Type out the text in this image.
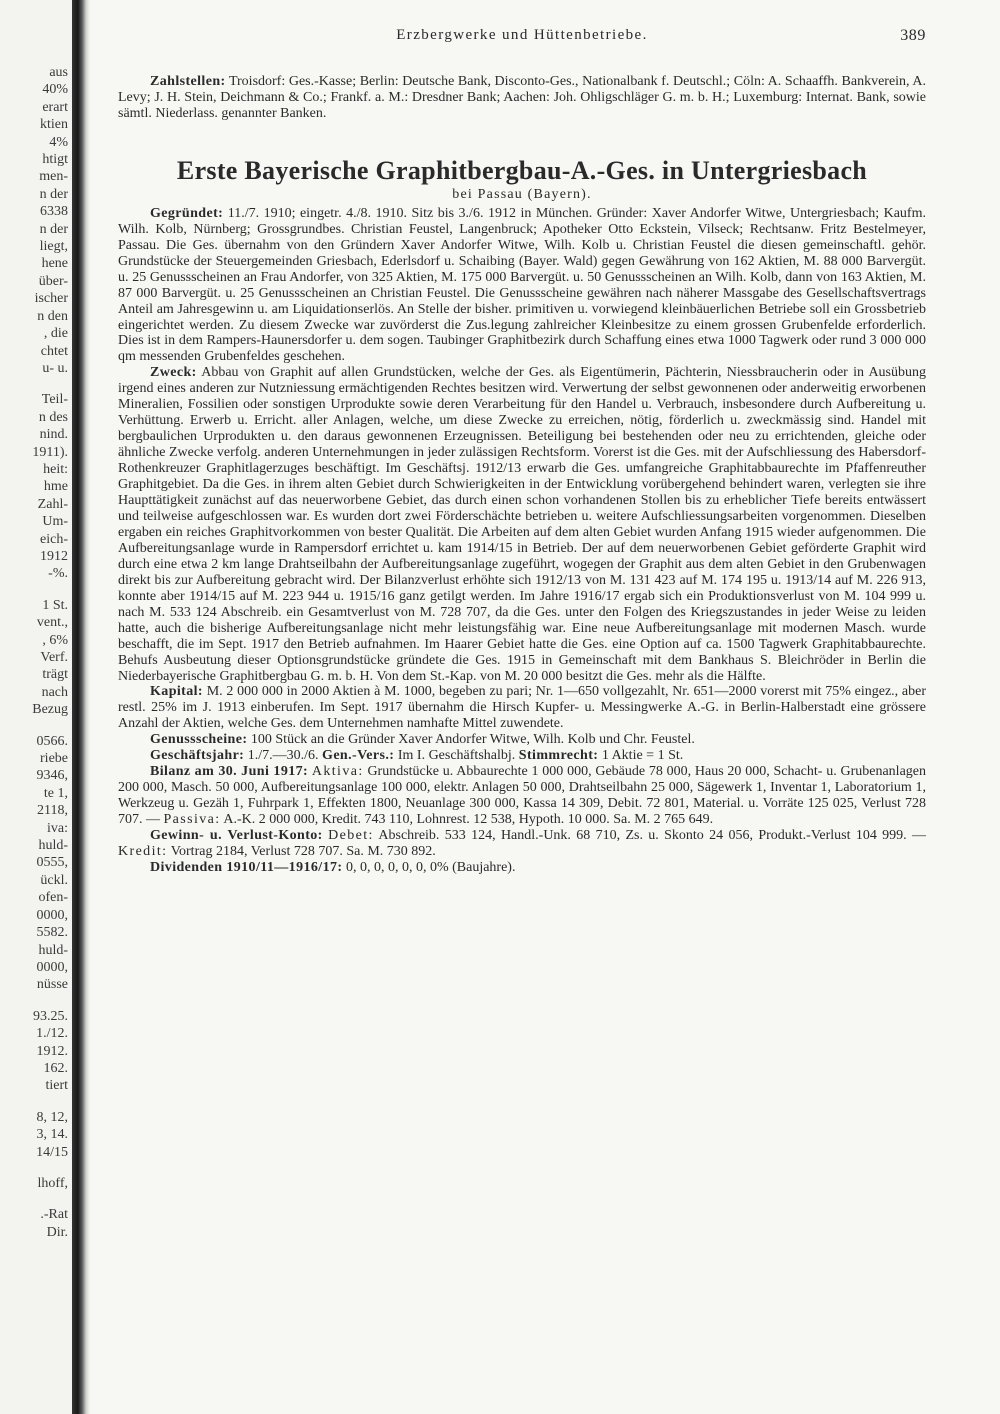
aus
40%
erart
ktien
4%
htigt
men-
n der
6338
n der
liegt,
hene
über-
ischer
n den
, die
chtet
u- u.
Teil-
n des
nind.
1911).
heit:
hme
Zahl-
Um-
eich-
1912
-%.
1 St.
vent.,
, 6%
Verf.
trägt
nach
Bezug
0566.
riebe
9346,
te 1,
2118,
iva:
huld-
0555,
ückl.
ofen-
0000,
5582.
huld-
0000,
nüsse
93.25.
1./12.
1912.
162.
tiert
8, 12,
3, 14.
14/15
lhoff,
.-Rat
Dir.
Erzbergwerke und Hüttenbetriebe.	389

Zahlstellen: Troisdorf: Ges.-Kasse; Berlin: Deutsche Bank, Disconto-Ges., Nationalbank f. Deutschl.; Cöln: A. Schaaffh. Bankverein, A. Levy; J. H. Stein, Deichmann & Co.; Frankf. a. M.: Dresdner Bank; Aachen: Joh. Ohligschläger G. m. b. H.; Luxemburg: Internat. Bank, sowie sämtl. Niederlass. genannter Banken.

Erste Bayerische Graphitbergbau-A.-Ges. in Untergriesbach
bei Passau (Bayern).

Gegründet: 11./7. 1910; eingetr. 4./8. 1910. Sitz bis 3./6. 1912 in München. Gründer: Xaver Andorfer Witwe, Untergriesbach; Kaufm. Wilh. Kolb, Nürnberg; Grossgrundbes. Christian Feustel, Langenbruck; Apotheker Otto Eckstein, Vilseck; Rechtsanw. Fritz Bestelmeyer, Passau. Die Ges. übernahm von den Gründern Xaver Andorfer Witwe, Wilh. Kolb u. Christian Feustel die diesen gemeinschaftl. gehör. Grundstücke der Steuergemeinden Griesbach, Ederlsdorf u. Schaibing (Bayer. Wald) gegen Gewährung von 162 Aktien, M. 88 000 Barvergüt. u. 25 Genussscheinen an Frau Andorfer, von 325 Aktien, M. 175 000 Barvergüt. u. 50 Genussscheinen an Wilh. Kolb, dann von 163 Aktien, M. 87 000 Barvergüt. u. 25 Genussscheinen an Christian Feustel. Die Genussscheine gewähren nach näherer Massgabe des Gesellschaftsvertrags Anteil am Jahresgewinn u. am Liquidationserlös. An Stelle der bisher. primitiven u. vorwiegend kleinbäuerlichen Betriebe soll ein Grossbetrieb eingerichtet werden. Zu diesem Zwecke war zuvörderst die Zus.legung zahlreicher Kleinbesitze zu einem grossen Grubenfelde erforderlich. Dies ist in dem Rampers-Haunersdorfer u. dem sogen. Taubinger Graphitbezirk durch Schaffung eines etwa 1000 Tagwerk oder rund 3 000 000 qm messenden Grubenfeldes geschehen.

Zweck: Abbau von Graphit auf allen Grundstücken, welche der Ges. als Eigentümerin, Pächterin, Niessbraucherin oder in Ausübung irgend eines anderen zur Nutzniessung ermächtigenden Rechtes besitzen wird. Verwertung der selbst gewonnenen oder anderweitig erworbenen Mineralien, Fossilien oder sonstigen Urprodukte sowie deren Verarbeitung für den Handel u. Verbrauch, insbesondere durch Aufbereitung u. Verhüttung. Erwerb u. Erricht. aller Anlagen, welche, um diese Zwecke zu erreichen, nötig, förderlich u. zweckmässig sind. Handel mit bergbaulichen Urprodukten u. den daraus gewonnenen Erzeugnissen. Beteiligung bei bestehenden oder neu zu errichtenden, gleiche oder ähnliche Zwecke verfolg. anderen Unternehmungen in jeder zulässigen Rechtsform. Vorerst ist die Ges. mit der Aufschliessung des Habersdorf-Rothenkreuzer Graphitlagerzuges beschäftigt. Im Geschäftsj. 1912/13 erwarb die Ges. umfangreiche Graphitabbaurechte im Pfaffenreuther Graphitgebiet. Da die Ges. in ihrem alten Gebiet durch Schwierigkeiten in der Entwicklung vorübergehend behindert waren, verlegten sie ihre Haupttätigkeit zunächst auf das neuerworbene Gebiet, das durch einen schon vorhandenen Stollen bis zu erheblicher Tiefe bereits entwässert und teilweise aufgeschlossen war. Es wurden dort zwei Förderschächte betrieben u. weitere Aufschliessungsarbeiten vorgenommen. Dieselben ergaben ein reiches Graphitvorkommen von bester Qualität. Die Arbeiten auf dem alten Gebiet wurden Anfang 1915 wieder aufgenommen. Die Aufbereitungsanlage wurde in Rampersdorf errichtet u. kam 1914/15 in Betrieb. Der auf dem neuerworbenen Gebiet geförderte Graphit wird durch eine etwa 2 km lange Drahtseilbahn der Aufbereitungsanlage zugeführt, wogegen der Graphit aus dem alten Gebiet in den Grubenwagen direkt bis zur Aufbereitung gebracht wird. Der Bilanzverlust erhöhte sich 1912/13 von M. 131 423 auf M. 174 195 u. 1913/14 auf M. 226 913, konnte aber 1914/15 auf M. 223 944 u. 1915/16 ganz getilgt werden. Im Jahre 1916/17 ergab sich ein Produktionsverlust von M. 104 999 u. nach M. 533 124 Abschreib. ein Gesamtverlust von M. 728 707, da die Ges. unter den Folgen des Kriegszustandes in jeder Weise zu leiden hatte, auch die bisherige Aufbereitungsanlage nicht mehr leistungsfähig war. Eine neue Aufbereitungsanlage mit modernen Masch. wurde beschafft, die im Sept. 1917 den Betrieb aufnahmen. Im Haarer Gebiet hatte die Ges. eine Option auf ca. 1500 Tagwerk Graphitabbaurechte. Behufs Ausbeutung dieser Optionsgrundstücke gründete die Ges. 1915 in Gemeinschaft mit dem Bankhaus S. Bleichröder in Berlin die Niederbayerische Graphitbergbau G. m. b. H. Von dem St.-Kap. von M. 20 000 besitzt die Ges. mehr als die Hälfte.

Kapital: M. 2 000 000 in 2000 Aktien à M. 1000, begeben zu pari; Nr. 1—650 vollgezahlt, Nr. 651—2000 vorerst mit 75% eingez., aber restl. 25% im J. 1913 einberufen. Im Sept. 1917 übernahm die Hirsch Kupfer- u. Messingwerke A.-G. in Berlin-Halberstadt eine grössere Anzahl der Aktien, welche Ges. dem Unternehmen namhafte Mittel zuwendete.

Genussscheine: 100 Stück an die Gründer Xaver Andorfer Witwe, Wilh. Kolb und Chr. Feustel.

Geschäftsjahr: 1./7.—30./6. Gen.-Vers.: Im I. Geschäftshalbj. Stimmrecht: 1 Aktie = 1 St.

Bilanz am 30. Juni 1917: Aktiva: Grundstücke u. Abbaurechte 1 000 000, Gebäude 78 000, Haus 20 000, Schacht- u. Grubenanlagen 200 000, Masch. 50 000, Aufbereitungsanlage 100 000, elektr. Anlagen 50 000, Drahtseilbahn 25 000, Sägewerk 1, Inventar 1, Laboratorium 1, Werkzeug u. Gezäh 1, Fuhrpark 1, Effekten 1800, Neuanlage 300 000, Kassa 14 309, Debit. 72 801, Material. u. Vorräte 125 025, Verlust 728 707. — Passiva: A.-K. 2 000 000, Kredit. 743 110, Lohnrest. 12 538, Hypoth. 10 000. Sa. M. 2 765 649.

Gewinn- u. Verlust-Konto: Debet: Abschreib. 533 124, Handl.-Unk. 68 710, Zs. u. Skonto 24 056, Produkt.-Verlust 104 999. — Kredit: Vortrag 2184, Verlust 728 707. Sa. M. 730 892.

Dividenden 1910/11—1916/17: 0, 0, 0, 0, 0, 0, 0% (Baujahre).
